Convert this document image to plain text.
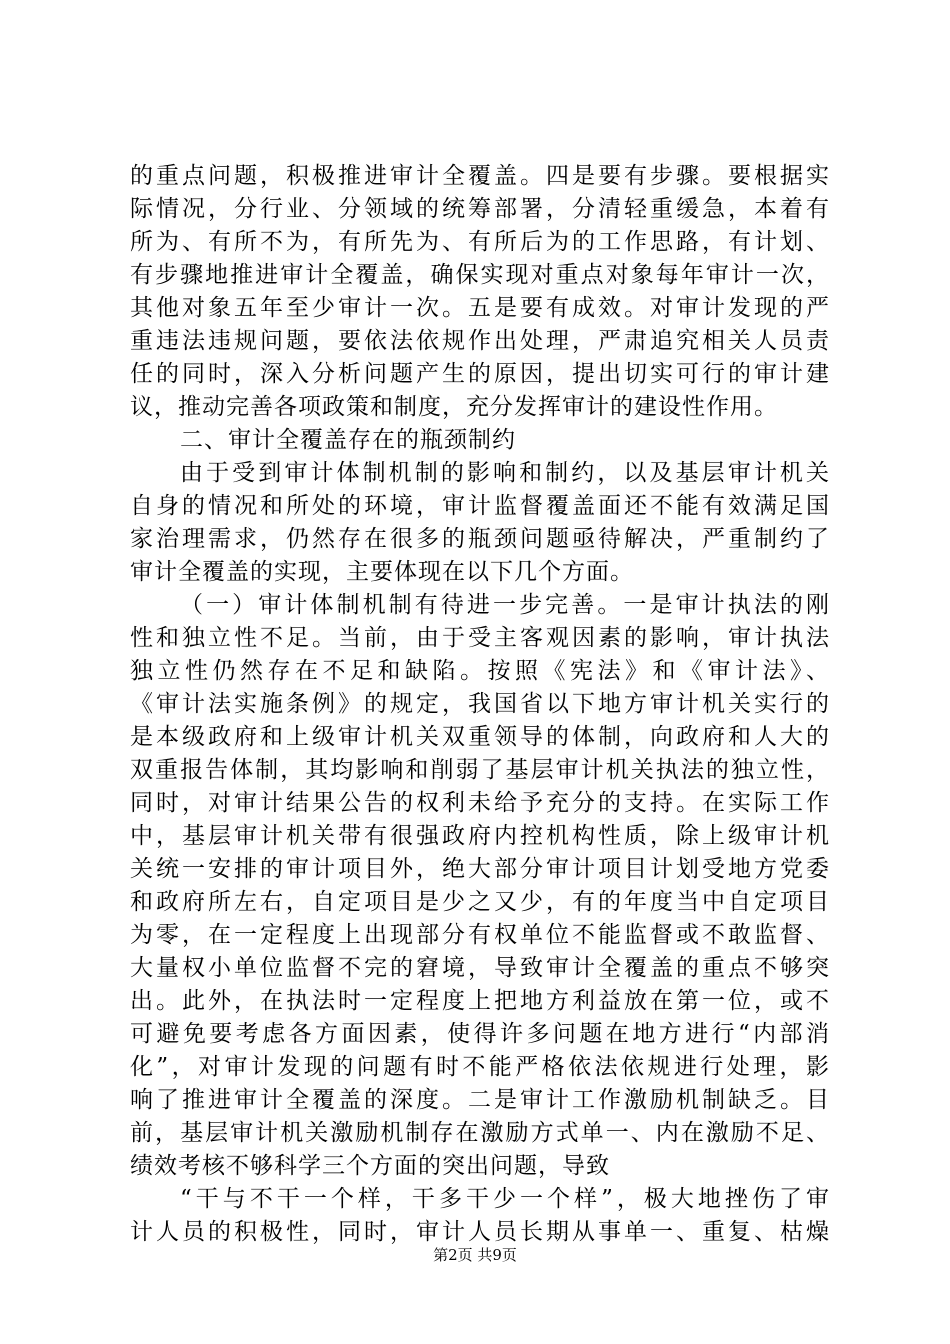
的重点问题，积极推进审计全覆盖。四是要有步骤。要根据实
际情况，分行业、分领域的统筹部署，分清轻重缓急，本着有
所为、有所不为，有所先为、有所后为的工作思路，有计划、
有步骤地推进审计全覆盖，确保实现对重点对象每年审计一次，
其他对象五年至少审计一次。五是要有成效。对审计发现的严
重违法违规问题，要依法依规作出处理，严肃追究相关人员责
任的同时，深入分析问题产生的原因，提出切实可行的审计建
议，推动完善各项政策和制度，充分发挥审计的建设性作用。
二、审计全覆盖存在的瓶颈制约
由于受到审计体制机制的影响和制约，以及基层审计机关
自身的情况和所处的环境，审计监督覆盖面还不能有效满足国
家治理需求，仍然存在很多的瓶颈问题亟待解决，严重制约了
审计全覆盖的实现，主要体现在以下几个方面。
（一）审计体制机制有待进一步完善。一是审计执法的刚
性和独立性不足。当前，由于受主客观因素的影响，审计执法
独立性仍然存在不足和缺陷。按照《宪法》和《审计法》、
《审计法实施条例》的规定，我国省以下地方审计机关实行的
是本级政府和上级审计机关双重领导的体制，向政府和人大的
双重报告体制，其均影响和削弱了基层审计机关执法的独立性，
同时，对审计结果公告的权利未给予充分的支持。在实际工作
中，基层审计机关带有很强政府内控机构性质，除上级审计机
关统一安排的审计项目外，绝大部分审计项目计划受地方党委
和政府所左右，自定项目是少之又少，有的年度当中自定项目
为零，在一定程度上出现部分有权单位不能监督或不敢监督、
大量权小单位监督不完的窘境，导致审计全覆盖的重点不够突
出。此外，在执法时一定程度上把地方利益放在第一位，或不
可避免要考虑各方面因素，使得许多问题在地方进行“内部消
化”，对审计发现的问题有时不能严格依法依规进行处理，影
响了推进审计全覆盖的深度。二是审计工作激励机制缺乏。目
前，基层审计机关激励机制存在激励方式单一、内在激励不足、
绩效考核不够科学三个方面的突出问题，导致
“干与不干一个样，干多干少一个样”，极大地挫伤了审
计人员的积极性，同时，审计人员长期从事单一、重复、枯燥
第2页 共9页
